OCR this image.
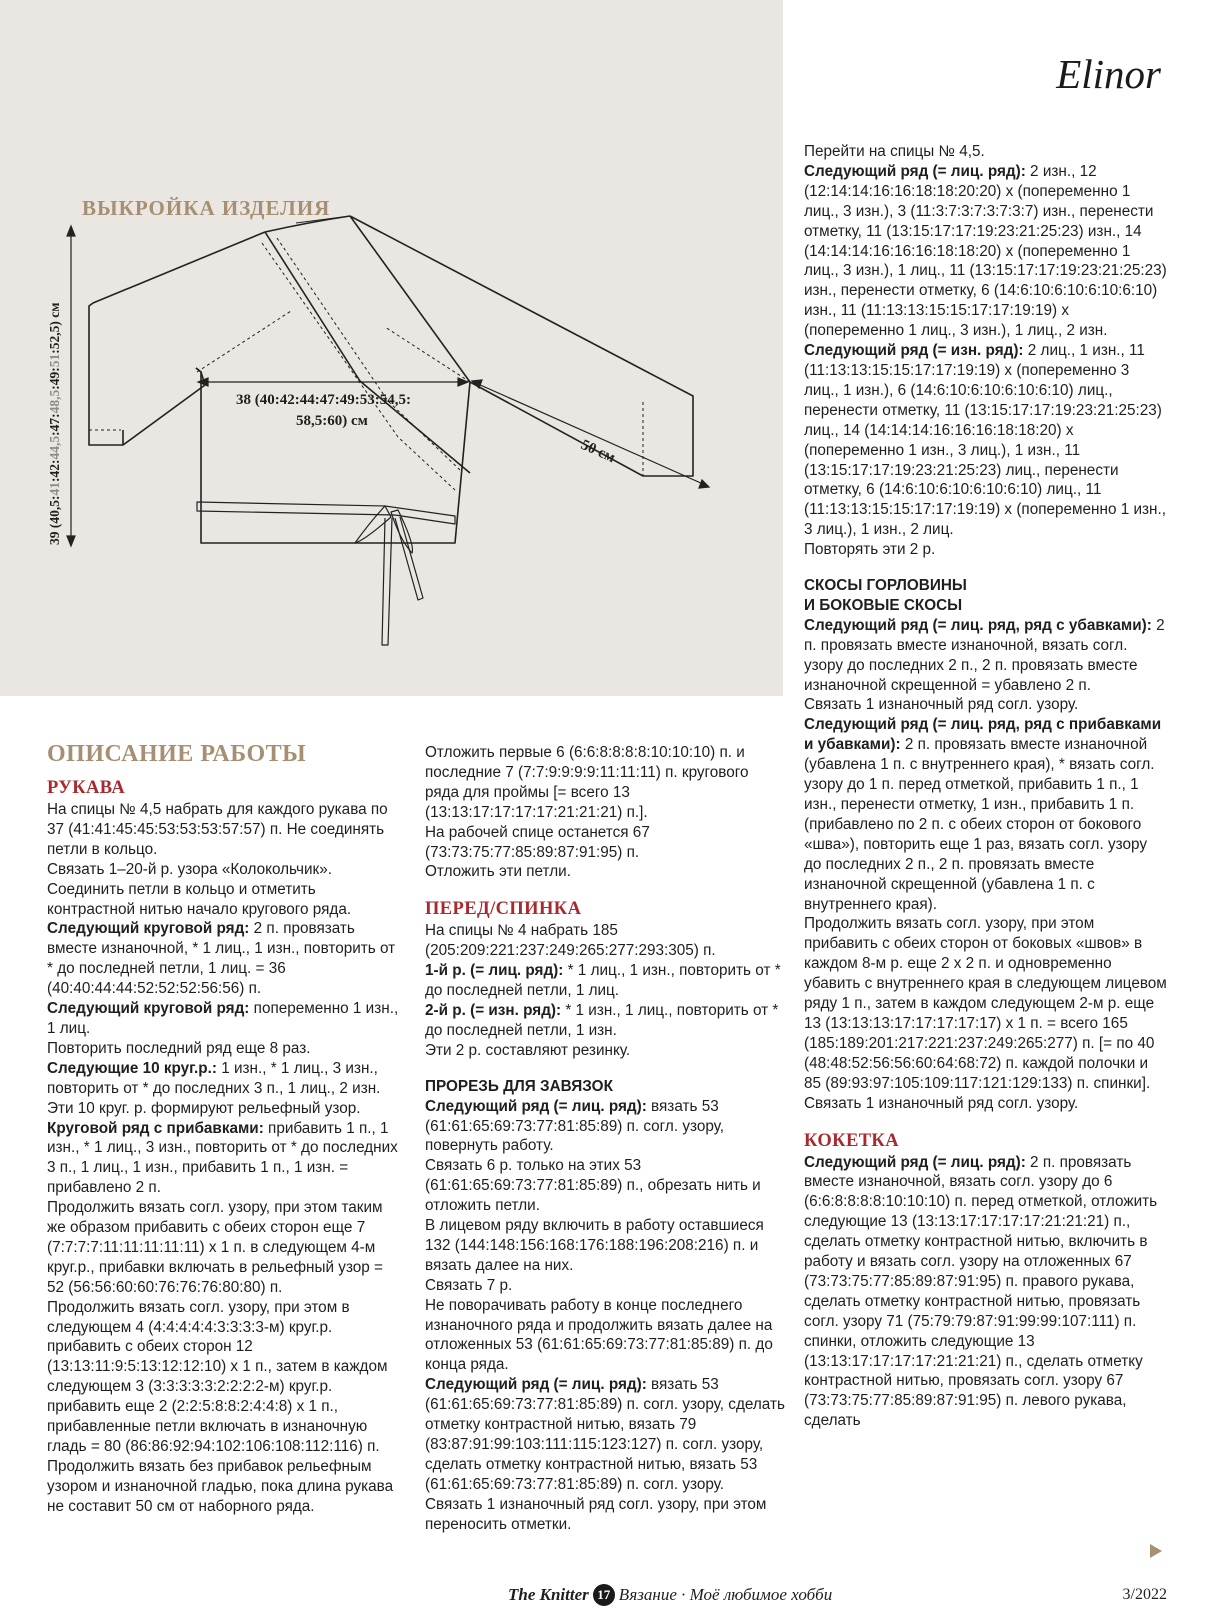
ВЫКРОЙКА ИЗДЕЛИЯ
39 (40,5:41:42:44,5:47:48,5:49:51:52,5) см
38 (40:42:44:47:49:53:54,5:
58,5:60) см
50 см
Elinor
ОПИСАНИЕ РАБОТЫ
РУКАВА

На спицы № 4,5 набрать для каждого рукава по 37 (41:41:45:45:53:53:53:57:57) п. Не соединять петли в кольцо.

Связать 1–20-й р. узора «Колокольчик».

Соединить петли в кольцо и отметить контрастной нитью начало кругового ряда.

Следующий круговой ряд: 2 п. провязать вместе изнаночной, * 1 лиц., 1 изн., повторить от * до последней петли, 1 лиц. = 36 (40:40:44:44:52:52:52:56:56) п.

Следующий круговой ряд: попеременно 1 изн., 1 лиц.

Повторить последний ряд еще 8 раз.

Следующие 10 круг.р.: 1 изн., * 1 лиц., 3 изн., повторить от * до последних 3 п., 1 лиц., 2 изн.

Эти 10 круг. р. формируют рельефный узор.

Круговой ряд с прибавками: прибавить 1 п., 1 изн., * 1 лиц., 3 изн., повторить от * до последних 3 п., 1 лиц., 1 изн., прибавить 1 п., 1 изн. = прибавлено 2 п.

Продолжить вязать согл. узору, при этом таким же образом прибавить с обеих сторон еще 7 (7:7:7:7:11:11:11:11:11) х 1 п. в следующем 4-м круг.р., прибавки включать в рельефный узор = 52 (56:56:60:60:76:76:76:80:80) п.

Продолжить вязать согл. узору, при этом в следующем 4 (4:4:4:4:4:3:3:3:3-м) круг.р. прибавить с обеих сторон 12 (13:13:11:9:5:13:12:12:10) х 1 п., затем в каждом следующем 3 (3:3:3:3:3:2:2:2:2-м) круг.р. прибавить еще 2 (2:2:5:8:8:2:4:4:8) х 1 п., прибавленные петли включать в изнаночную гладь = 80 (86:86:92:94:102:106:108:112:116) п.

Продолжить вязать без прибавок рельефным узором и изнаночной гладью, пока длина рукава не составит 50 см от наборного ряда.

Отложить первые 6 (6:6:8:8:8:8:10:10:10) п. и последние 7 (7:7:9:9:9:9:11:11:11) п. кругового ряда для проймы [= всего 13 (13:13:17:17:17:17:21:21:21) п.].

На рабочей спице останется 67 (73:73:75:77:85:89:87:91:95) п.

Отложить эти петли.

ПЕРЕД/СПИНКА

На спицы № 4 набрать 185 (205:209:221:237:249:265:277:293:305) п.

1-й р. (= лиц. ряд): * 1 лиц., 1 изн., повторить от * до последней петли, 1 лиц.

2-й р. (= изн. ряд): * 1 изн., 1 лиц., повторить от * до последней петли, 1 изн.

Эти 2 р. составляют резинку.

ПРОРЕЗЬ ДЛЯ ЗАВЯЗОК

Следующий ряд (= лиц. ряд): вязать 53 (61:61:65:69:73:77:81:85:89) п. согл. узору, повернуть работу.

Связать 6 р. только на этих 53 (61:61:65:69:73:77:81:85:89) п., обрезать нить и отложить петли.

В лицевом ряду включить в работу оставшиеся 132 (144:148:156:168:176:188:196:208:216) п. и вязать далее на них.

Связать 7 р.

Не поворачивать работу в конце последнего изнаночного ряда и продолжить вязать далее на отложенных 53 (61:61:65:69:73:77:81:85:89) п. до конца ряда.

Следующий ряд (= лиц. ряд): вязать 53 (61:61:65:69:73:77:81:85:89) п. согл. узору, сделать отметку контрастной нитью, вязать 79 (83:87:91:99:103:111:115:123:127) п. согл. узору, сделать отметку контрастной нитью, вязать 53 (61:61:65:69:73:77:81:85:89) п. согл. узору.

Связать 1 изнаночный ряд согл. узору, при этом переносить отметки.

Перейти на спицы № 4,5.

Следующий ряд (= лиц. ряд): 2 изн., 12 (12:14:14:16:16:18:18:20:20) х (попеременно 1 лиц., 3 изн.), 3 (11:3:7:3:7:3:7:3:7) изн., перенести отметку, 11 (13:15:17:17:19:23:21:25:23) изн., 14 (14:14:14:16:16:16:18:18:20) х (попеременно 1 лиц., 3 изн.), 1 лиц., 11 (13:15:17:17:19:23:21:25:23) изн., перенести отметку, 6 (14:6:10:6:10:6:10:6:10) изн., 11 (11:13:13:15:15:17:17:19:19) х (попеременно 1 лиц., 3 изн.), 1 лиц., 2 изн.

Следующий ряд (= изн. ряд): 2 лиц., 1 изн., 11 (11:13:13:15:15:17:17:19:19) х (попеременно 3 лиц., 1 изн.), 6 (14:6:10:6:10:6:10:6:10) лиц., перенести отметку, 11 (13:15:17:17:19:23:21:25:23) лиц., 14 (14:14:14:16:16:16:18:18:20) х (попеременно 1 изн., 3 лиц.), 1 изн., 11 (13:15:17:17:19:23:21:25:23) лиц., перенести отметку, 6 (14:6:10:6:10:6:10:6:10) лиц., 11 (11:13:13:15:15:17:17:19:19) х (попеременно 1 изн., 3 лиц.), 1 изн., 2 лиц.

Повторять эти 2 р.

СКОСЫ ГОРЛОВИНЫ
И БОКОВЫЕ СКОСЫ

Следующий ряд (= лиц. ряд, ряд с убавками): 2 п. провязать вместе изнаночной, вязать согл. узору до последних 2 п., 2 п. провязать вместе изнаночной скрещенной = убавлено 2 п.

Связать 1 изнаночный ряд согл. узору.

Следующий ряд (= лиц. ряд, ряд с прибавками и убавками): 2 п. провязать вместе изнаночной (убавлена 1 п. с внутреннего края), * вязать согл. узору до 1 п. перед отметкой, прибавить 1 п., 1 изн., перенести отметку, 1 изн., прибавить 1 п. (прибавлено по 2 п. с обеих сторон от бокового «шва»), повторить еще 1 раз, вязать согл. узору до последних 2 п., 2 п. провязать вместе изнаночной скрещенной (убавлена 1 п. с внутреннего края).

Продолжить вязать согл. узору, при этом прибавить с обеих сторон от боковых «швов» в каждом 8-м р. еще 2 х 2 п. и одновременно убавить с внутреннего края в следующем лицевом ряду 1 п., затем в каждом следующем 2-м р. еще 13 (13:13:13:17:17:17:17:17) х 1 п. = всего 165 (185:189:201:217:221:237:249:265:277) п. [= по 40 (48:48:52:56:56:60:64:68:72) п. каждой полочки и 85 (89:93:97:105:109:117:121:129:133) п. спинки].

Связать 1 изнаночный ряд согл. узору.

КОКЕТКА

Следующий ряд (= лиц. ряд): 2 п. провязать вместе изнаночной, вязать согл. узору до 6 (6:6:8:8:8:8:10:10:10) п. перед отметкой, отложить следующие 13 (13:13:17:17:17:17:21:21:21) п., сделать отметку контрастной нитью, включить в работу и вязать согл. узору на отложенных 67 (73:73:75:77:85:89:87:91:95) п. правого рукава, сделать отметку контрастной нитью, провязать согл. узору 71 (75:79:79:87:91:99:99:107:111) п. спинки, отложить следующие 13 (13:13:17:17:17:17:21:21:21) п., сделать отметку контрастной нитью, провязать согл. узору 67 (73:73:75:77:85:89:87:91:95) п. левого рукава, сделать

The Knitter 17 Вязание · Моё любимое хобби	3/2022
